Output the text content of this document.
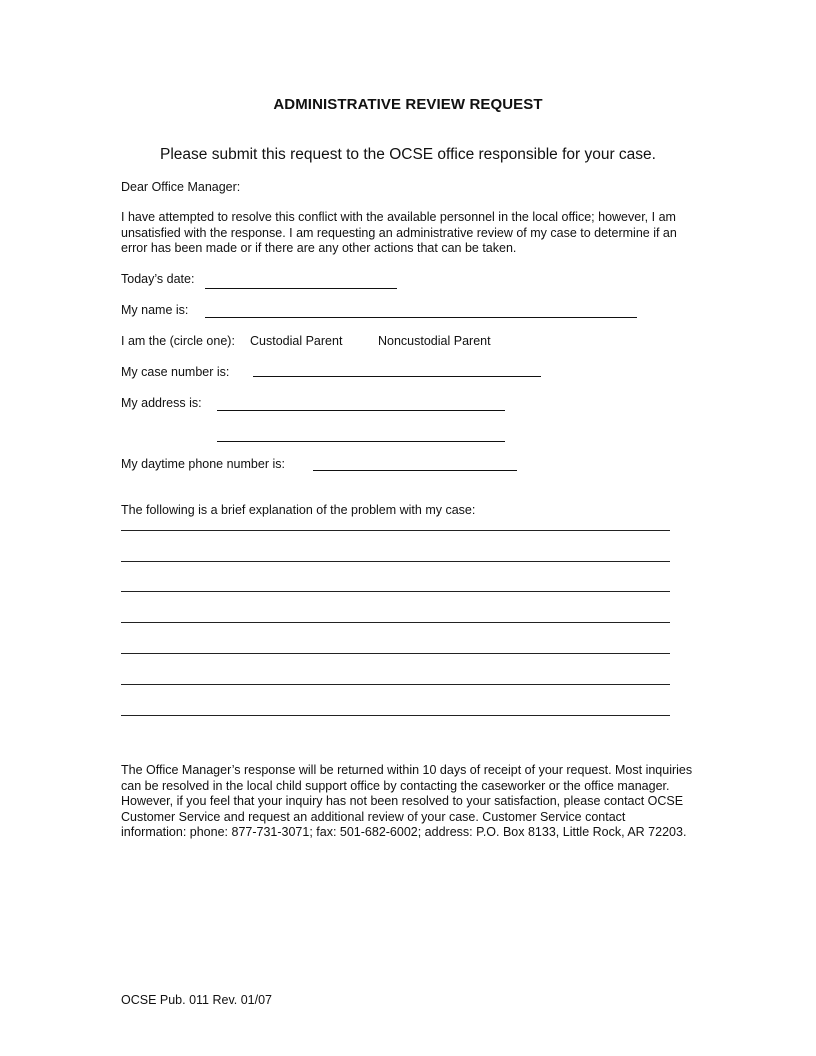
ADMINISTRATIVE REVIEW REQUEST
Please submit this request to the OCSE office responsible for your case.
Dear Office Manager:
I have attempted to resolve this conflict with the available personnel in the local office; however, I am unsatisfied with the response. I am requesting an administrative review of my case to determine if an error has been made or if there are any other actions that can be taken.
Today’s date:
My name is:
I am the (circle one): Custodial Parent	Noncustodial Parent
My case number is:
My address is:
My daytime phone number is:
The following is a brief explanation of the problem with my case:
The Office Manager’s response will be returned within 10 days of receipt of your request. Most inquiries can be resolved in the local child support office by contacting the caseworker or the office manager. However, if you feel that your inquiry has not been resolved to your satisfaction, please contact OCSE Customer Service and request an additional review of your case. Customer Service contact information: phone: 877-731-3071; fax: 501-682-6002; address: P.O. Box 8133, Little Rock, AR 72203.
OCSE Pub. 011 Rev. 01/07
